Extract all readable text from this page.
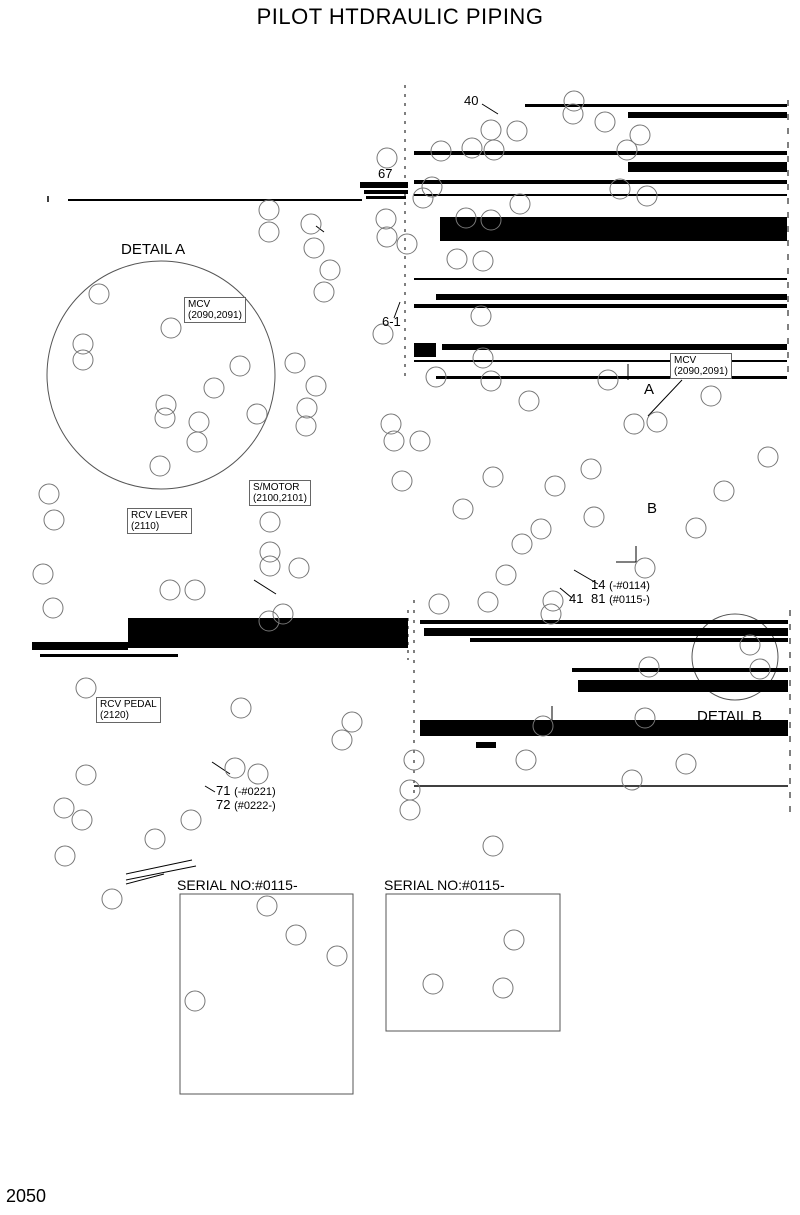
PILOT HTDRAULIC PIPING
DETAIL A
DETAIL B
A
B
MCV
(2090,2091)
MCV
(2090,2091)
S/MOTOR
(2100,2101)
RCV LEVER
(2110)
RCV PEDAL
(2120)
40
67
6-1
14 (-#0114)
41 81 (#0115-)
71 (-#0221)
72 (#0222-)
SERIAL NO:#0115-	SERIAL NO:#0115-
2050
